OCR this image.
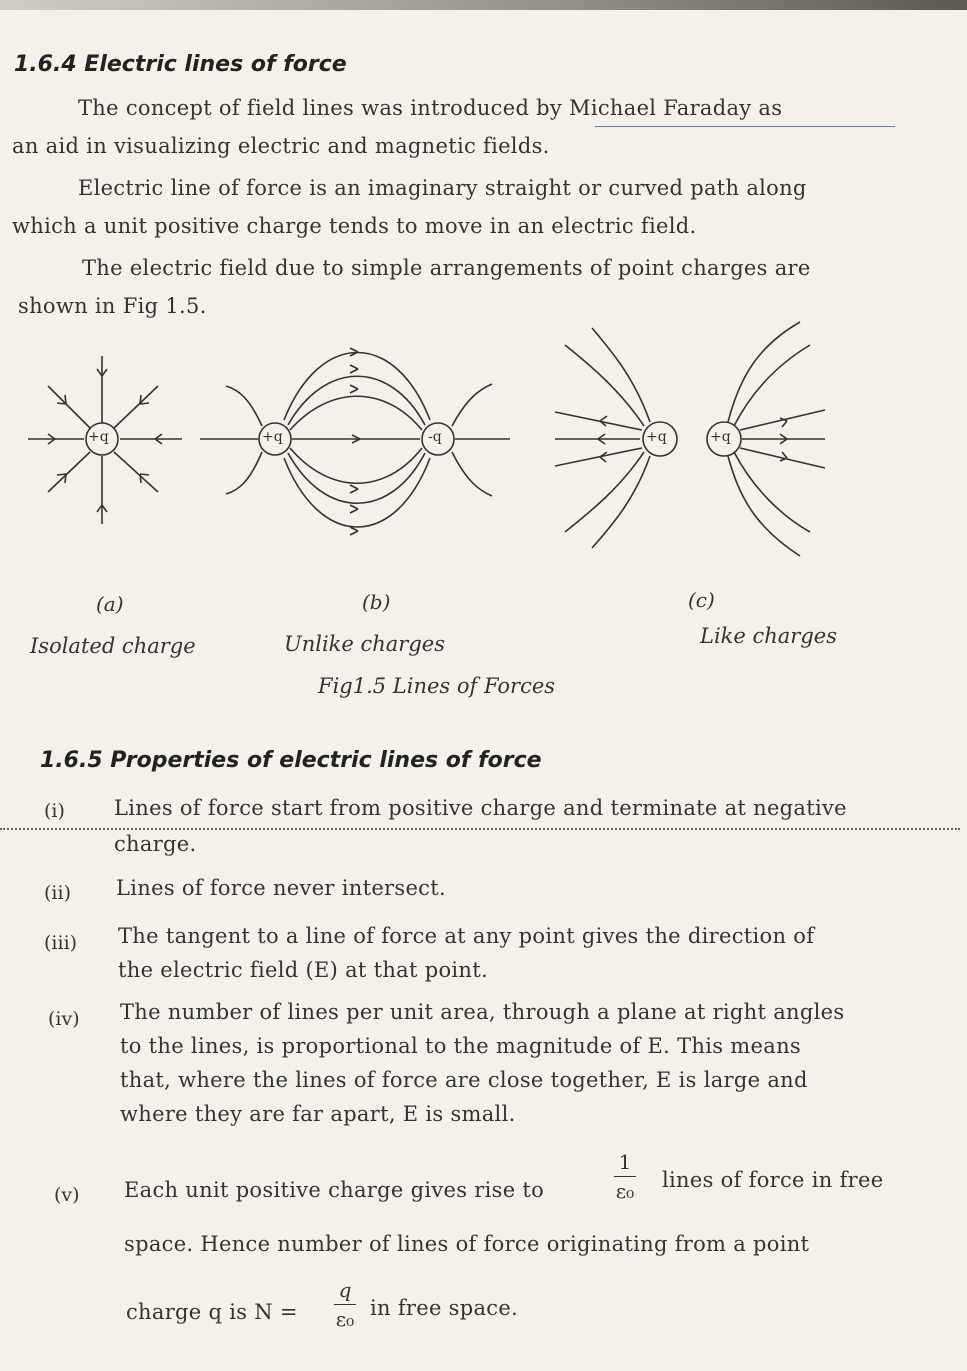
1.6.4 Electric lines of force
The concept of field lines was introduced by Michael Faraday as
an aid in visualizing electric and magnetic fields.
Electric line of force is an imaginary straight or curved path along
which a unit positive charge tends to move in an electric field.
The electric field due to simple arrangements of point charges are
shown in Fig 1.5.
+q	+q	-q	+q	+q
(a)	(b)	(c)
Isolated charge	Unlike charges	Like charges
Fig1.5 Lines of Forces
1.6.5 Properties of electric lines of force
(i) Lines of force start from positive charge and terminate at negative
charge.
(ii) Lines of force never intersect.
(iii) The tangent to a line of force at any point gives the direction of
the electric field (E) at that point.
(iv) The number of lines per unit area, through a plane at right angles
to the lines, is proportional to the magnitude of E. This means
that, where the lines of force are close together, E is large and
where they are far apart, E is small.
(v) Each unit positive charge gives rise to
1
ε₀ lines of force in free
space. Hence number of lines of force originating from a point
charge q is N =
q
ε₀ in free space.
